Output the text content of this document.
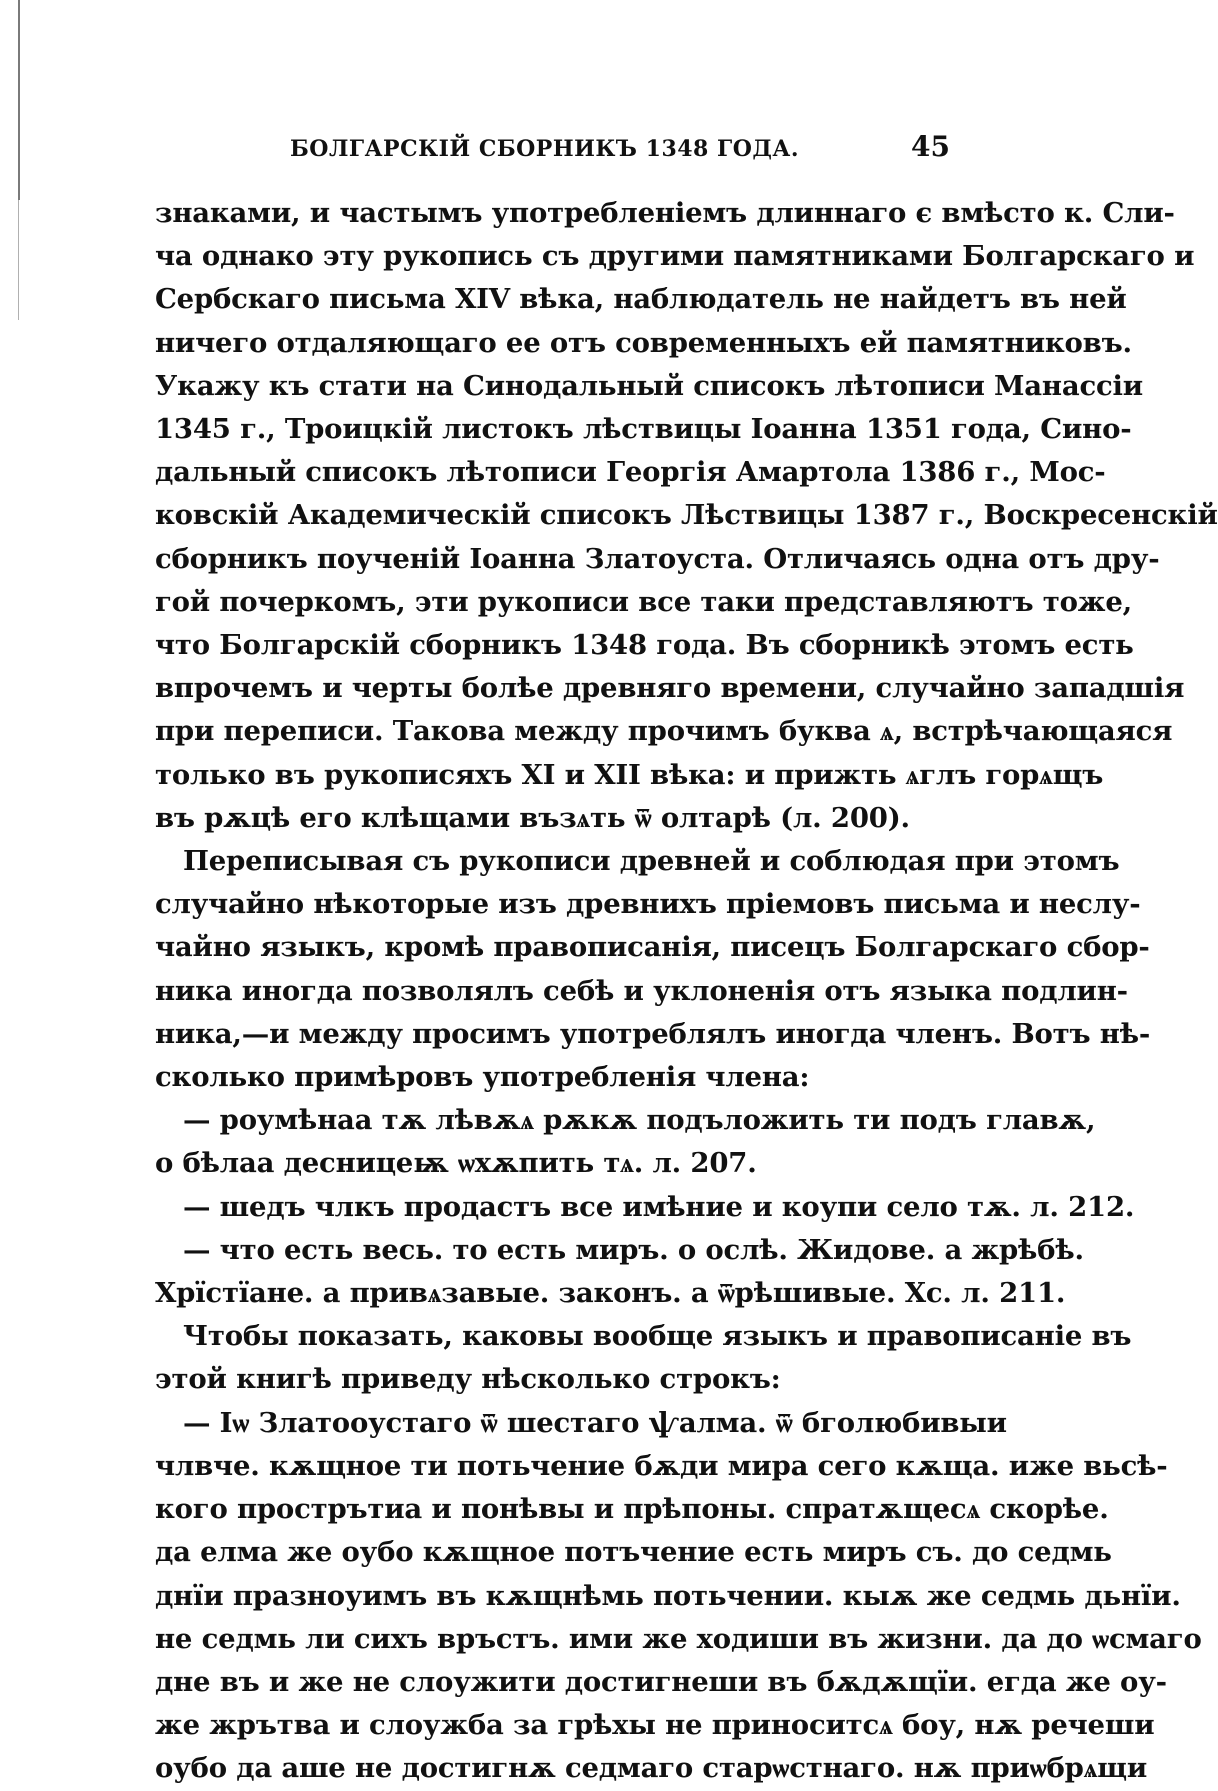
БОЛГАРСКІЙ СБОРНИКЪ 1348 ГОДА.	45
знаками, и частымъ употребленіемъ длиннаго є вмѣсто к. Сли-
ча однако эту рукопись съ другими памятниками Болгарскаго и
Сербскаго письма XIV вѣка, наблюдатель не найдетъ въ ней
ничего отдаляющаго ее отъ современныхъ ей памятниковъ.
Укажу къ стати на Синодальный списокъ лѣтописи Манассіи
1345 г., Троицкій листокъ лѣствицы Іоанна 1351 года, Сино-
дальный списокъ лѣтописи Георгія Амартола 1386 г., Мос-
ковскій Академическій списокъ Лѣствицы 1387 г., Воскресенскій
сборникъ поученій Іоанна Златоуста. Отличаясь одна отъ дру-
гой почеркомъ, эти рукописи все таки представляютъ тоже,
что Болгарскій сборникъ 1348 года. Въ сборникѣ этомъ есть
впрочемъ и черты болѣе древняго времени, случайно западшія
при переписи. Такова между прочимъ буква ѧ, встрѣчающаяся
только въ рукописяхъ XI и XII вѣка: и прижть ѧглъ горѧщъ
въ рѫцѣ его клѣщами възѧть ѿ олтарѣ (л. 200).
Переписывая съ рукописи древней и соблюдая при этомъ
случайно нѣкоторые изъ древнихъ пріемовъ письма и неслу-
чайно языкъ, кромѣ правописанія, писецъ Болгарскаго сбор-
ника иногда позволялъ себѣ и уклоненія отъ языка подлин-
ника,—и между просимъ употреблялъ иногда членъ. Вотъ нѣ-
сколько примѣровъ употребленія члена:
— роумѣнаа тѫ лѣвѫѧ рѫкѫ подъложить ти подъ главѫ,
о бѣлаа десницеѭ ѡхѫпить тѧ. л. 207.
— шедъ члкъ продастъ все имѣние и коупи село тѫ. л. 212.
— что есть весь. то есть миръ. о ослѣ. Жидове. а жрѣбѣ.
Хрїстїане. а привѧзавые. законъ. а ѿрѣшивые. Хс. л. 211.
Чтобы показать, каковы вообще языкъ и правописаніе въ
этой книгѣ приведу нѣсколько строкъ:
— Іѡ Златооустаго ѿ шестаго ѱалма. ѿ бголюбивыи
члвче. кѫщное ти потьчение бѫди мира сего кѫща. иже вьсѣ-
кого прострътиа и понѣвы и прѣпоны. спратѫщесѧ скорѣе.
да елма же оубо кѫщное потъчение есть миръ съ. до седмь
днїи празноуимъ въ кѫщнѣмь потьчении. кыѫ же седмь дьнїи.
не седмь ли сихъ връстъ. ими же ходиши въ жизни. да до ѡсмаго
дне въ и же не слоужити достигнеши въ бѫдѫщїи. егда же оу-
же жрътва и слоужба за грѣхы не приноситсѧ боу, нѫ речеши
оубо да аше не достигнѫ седмаго старѡстнаго. нѫ приѡбрѧщи
